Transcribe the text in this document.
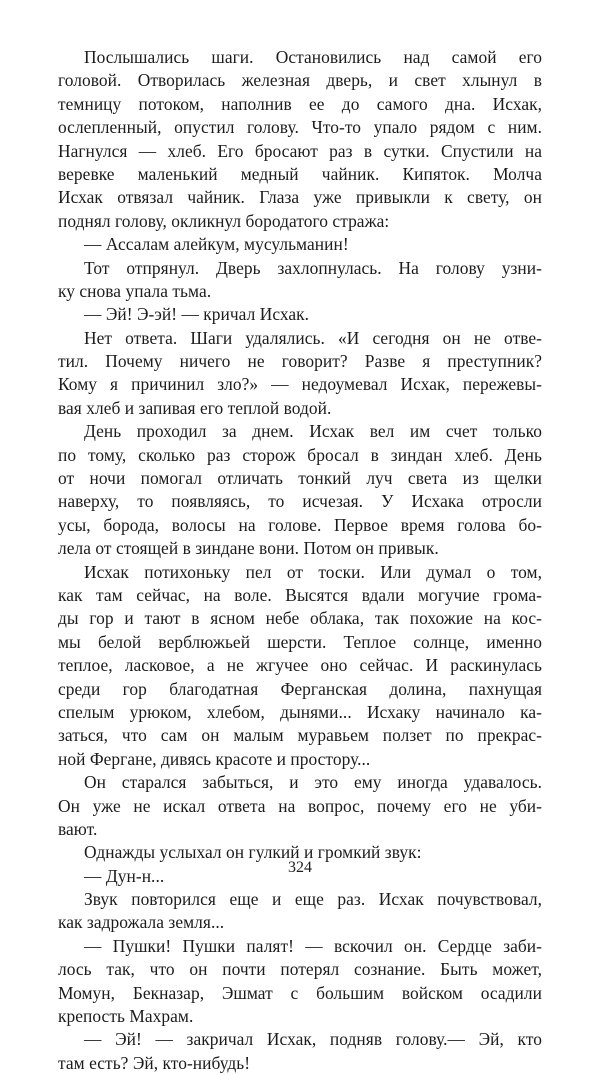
Послышались шаги. Остановились над самой его
головой. Отворилась железная дверь, и свет хлынул в
темницу потоком, наполнив ее до самого дна. Исхак,
ослепленный, опустил голову. Что-то упало рядом с ним.
Нагнулся — хлеб. Его бросают раз в сутки. Спустили на
веревке маленький медный чайник. Кипяток. Молча
Исхак отвязал чайник. Глаза уже привыкли к свету, он
поднял голову, окликнул бородатого стража:
— Ассалам алейкум, мусульманин!
Тот отпрянул. Дверь захлопнулась. На голову узни-
ку снова упала тьма.
— Эй! Э-эй! — кричал Исхак.
Нет ответа. Шаги удалялись. «И сегодня он не отве-
тил. Почему ничего не говорит? Разве я преступник?
Кому я причинил зло?» — недоумевал Исхак, пережевы-
вая хлеб и запивая его теплой водой.
День проходил за днем. Исхак вел им счет только
по тому, сколько раз сторож бросал в зиндан хлеб. День
от ночи помогал отличать тонкий луч света из щелки
наверху, то появляясь, то исчезая. У Исхака отросли
усы, борода, волосы на голове. Первое время голова бо-
лела от стоящей в зиндане вони. Потом он привык.
Исхак потихоньку пел от тоски. Или думал о том,
как там сейчас, на воле. Высятся вдали могучие грома-
ды гор и тают в ясном небе облака, так похожие на кос-
мы белой верблюжьей шерсти. Теплое солнце, именно
теплое, ласковое, а не жгучее оно сейчас. И раскинулась
среди гор благодатная Ферганская долина, пахнущая
спелым урюком, хлебом, дынями... Исхаку начинало ка-
заться, что сам он малым муравьем ползет по прекрас-
ной Фергане, дивясь красоте и простору...
Он старался забыться, и это ему иногда удавалось.
Он уже не искал ответа на вопрос, почему его не уби-
вают.
Однажды услыхал он гулкий и громкий звук:
— Дун-н...
Звук повторился еще и еще раз. Исхак почувствовал,
как задрожала земля...
— Пушки! Пушки палят! — вскочил он. Сердце заби-
лось так, что он почти потерял сознание. Быть может,
Момун, Бекназар, Эшмат с большим войском осадили
крепость Махрам.
— Эй! — закричал Исхак, подняв голову.— Эй, кто
там есть? Эй, кто-нибудь!
324
